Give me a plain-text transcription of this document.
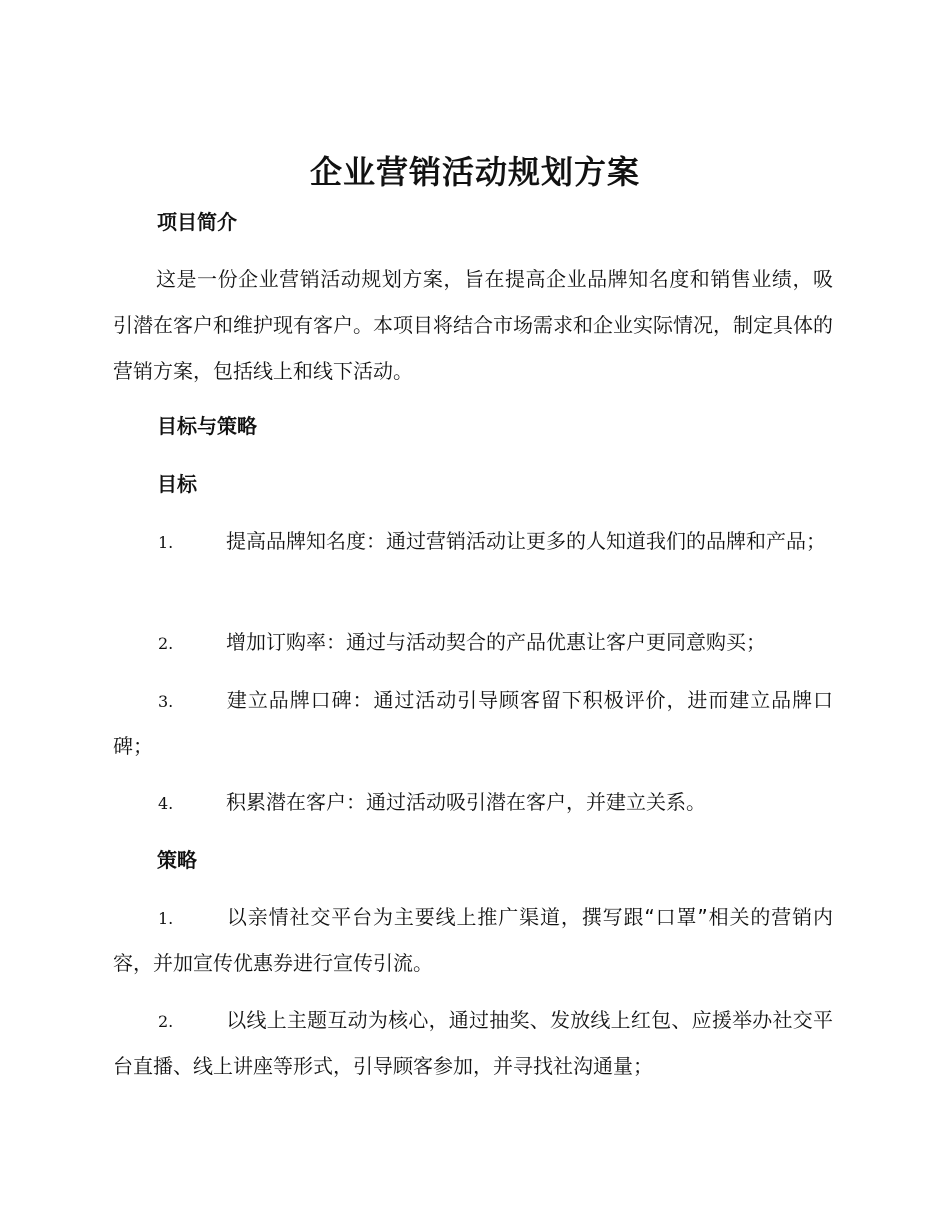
企业营销活动规划方案
项目简介

这是一份企业营销活动规划方案，旨在提高企业品牌知名度和销售业绩，吸引潜在客户和维护现有客户。本项目将结合市场需求和企业实际情况，制定具体的营销方案，包括线上和线下活动。

目标与策略
目标

1.	提高品牌知名度：通过营销活动让更多的人知道我们的品牌和产品；

2.	增加订购率：通过与活动契合的产品优惠让客户更同意购买；

3.	建立品牌口碑：通过活动引导顾客留下积极评价，进而建立品牌口碑；

4.	积累潜在客户：通过活动吸引潜在客户，并建立关系。

策略

1.	以亲情社交平台为主要线上推广渠道，撰写跟“口罩”相关的营销内容，并加宣传优惠券进行宣传引流。

2.	以线上主题互动为核心，通过抽奖、发放线上红包、应援举办社交平台直播、线上讲座等形式，引导顾客参加，并寻找社沟通量；
